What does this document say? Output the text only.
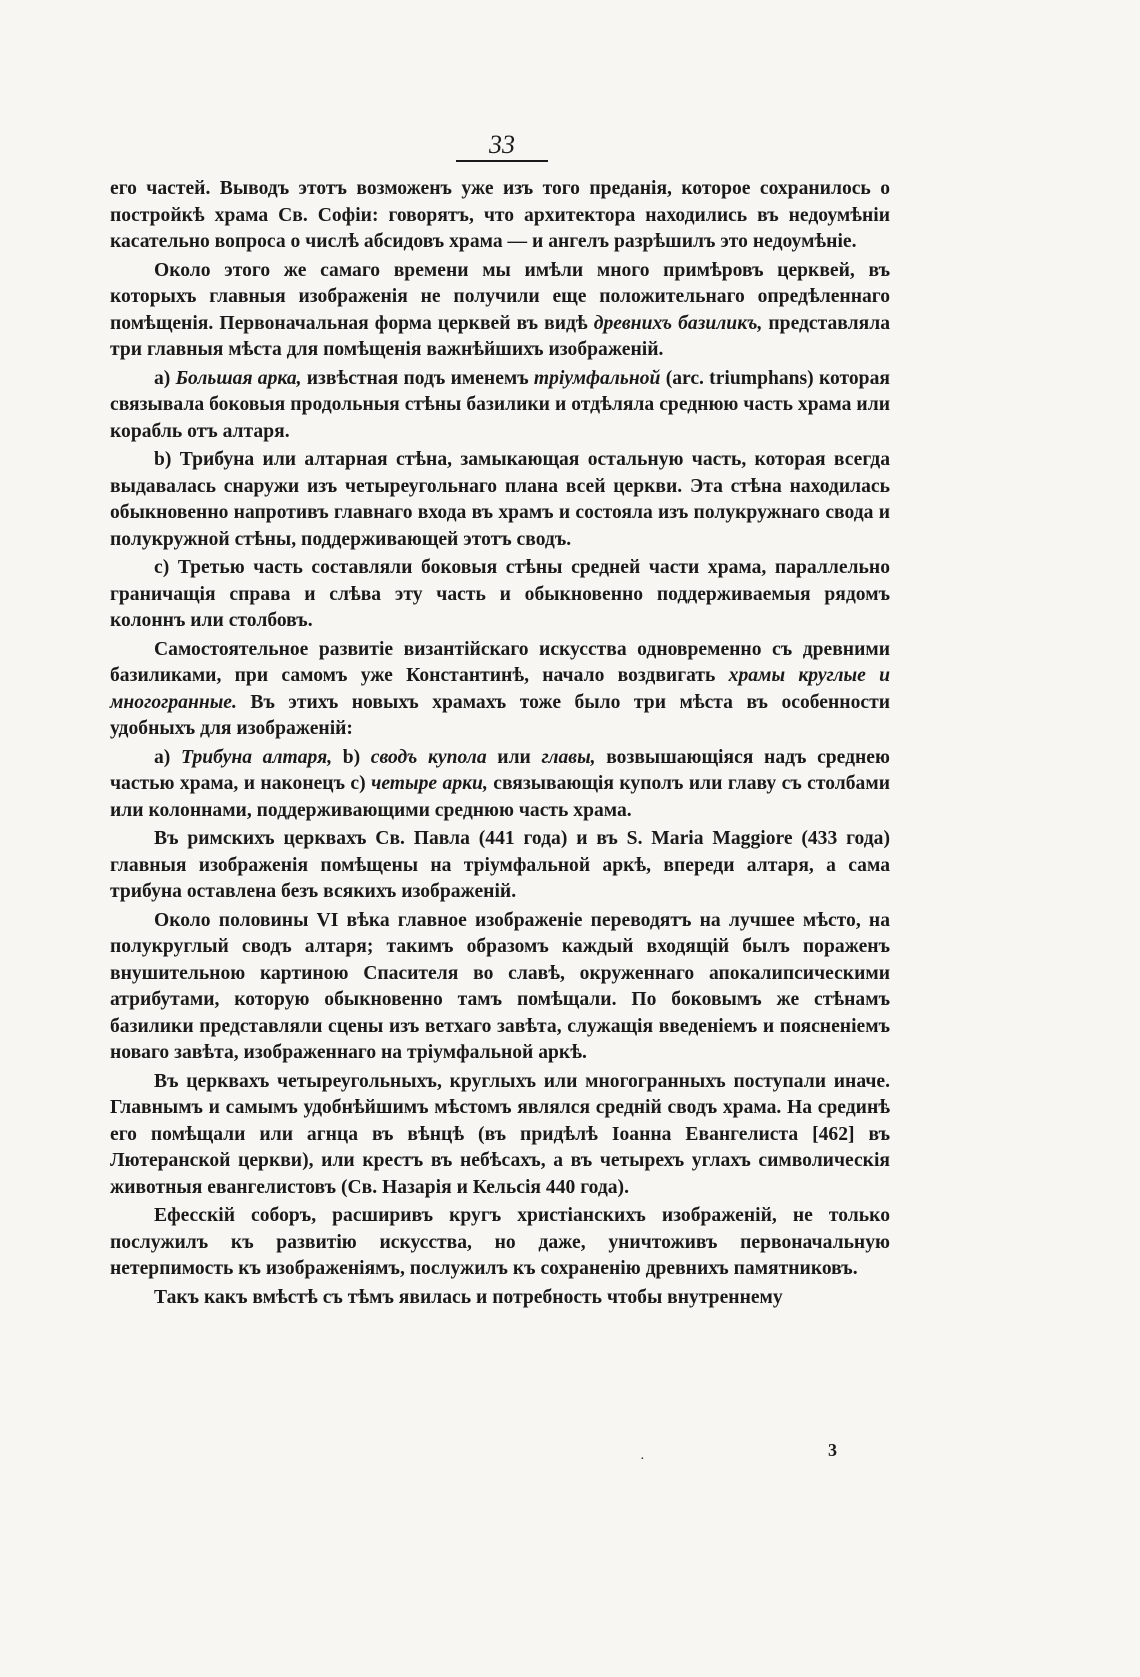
33

его частей. Выводъ этотъ возможенъ уже изъ того преданія, которое сохранилось о постройкѣ храма Св. Софіи: говорятъ, что архитектора находились въ недоумѣніи касательно вопроса о числѣ абсидовъ храма — и ангелъ разрѣшилъ это недоумѣніе.

Около этого же самаго времени мы имѣли много примѣровъ церквей, въ которыхъ главныя изображенія не получили еще положительнаго опредѣленнаго помѣщенія. Первоначальная форма церквей въ видѣ древнихъ базиликъ, представляла три главныя мѣста для помѣщенія важнѣйшихъ изображеній.

a) Большая арка, извѣстная подъ именемъ тріумфальной (arc. triumphans) которая связывала боковыя продольныя стѣны базилики и отдѣляла среднюю часть храма или корабль отъ алтаря.

b) Трибуна или алтарная стѣна, замыкающая остальную часть, которая всегда выдавалась снаружи изъ четыреугольнаго плана всей церкви. Эта стѣна находилась обыкновенно напротивъ главнаго входа въ храмъ и состояла изъ полукружнаго свода и полукружной стѣны, поддерживающей этотъ сводъ.

c) Третью часть составляли боковыя стѣны средней части храма, параллельно граничащія справа и слѣва эту часть и обыкновенно поддерживаемыя рядомъ колоннъ или столбовъ.

Самостоятельное развитіе византійскаго искусства одновременно съ древними базиликами, при самомъ уже Константинѣ, начало воздвигать храмы круглые и многогранные. Въ этихъ новыхъ храмахъ тоже было три мѣста въ особенности удобныхъ для изображеній:

a) Трибуна алтаря, b) сводъ купола или главы, возвышающіяся надъ среднею частью храма, и наконецъ c) четыре арки, связывающія куполъ или главу съ столбами или колоннами, поддерживающими среднюю часть храма.

Въ римскихъ церквахъ Св. Павла (441 года) и въ S. Maria Maggiore (433 года) главныя изображенія помѣщены на тріумфальной аркѣ, впереди алтаря, а сама трибуна оставлена безъ всякихъ изображеній.

Около половины VI вѣка главное изображеніе переводятъ на лучшее мѣсто, на полукруглый сводъ алтаря; такимъ образомъ каждый входящій былъ пораженъ внушительною картиною Спасителя во славѣ, окруженнаго апокалипсическими атрибутами, которую обыкновенно тамъ помѣщали. По боковымъ же стѣнамъ базилики представляли сцены изъ ветхаго завѣта, служащія введеніемъ и поясненіемъ новаго завѣта, изображеннаго на тріумфальной аркѣ.

Въ церквахъ четыреугольныхъ, круглыхъ или многогранныхъ поступали иначе. Главнымъ и самымъ удобнѣйшимъ мѣстомъ являлся средній сводъ храма. На срединѣ его помѣщали или агнца въ вѣнцѣ (въ придѣлѣ Іоанна Евангелиста [462] въ Лютеранской церкви), или крестъ въ небѣсахъ, а въ четырехъ углахъ символическія животныя евангелистовъ (Св. Назарія и Кельсія 440 года).

Ефесскій соборъ, расширивъ кругъ христіанскихъ изображеній, не только послужилъ къ развитію искусства, но даже, уничтоживъ первоначальную нетерпимость къ изображеніямъ, послужилъ къ сохраненію древнихъ памятниковъ.

Такъ какъ вмѣстѣ съ тѣмъ явилась и потребность чтобы внутреннему

·	3
